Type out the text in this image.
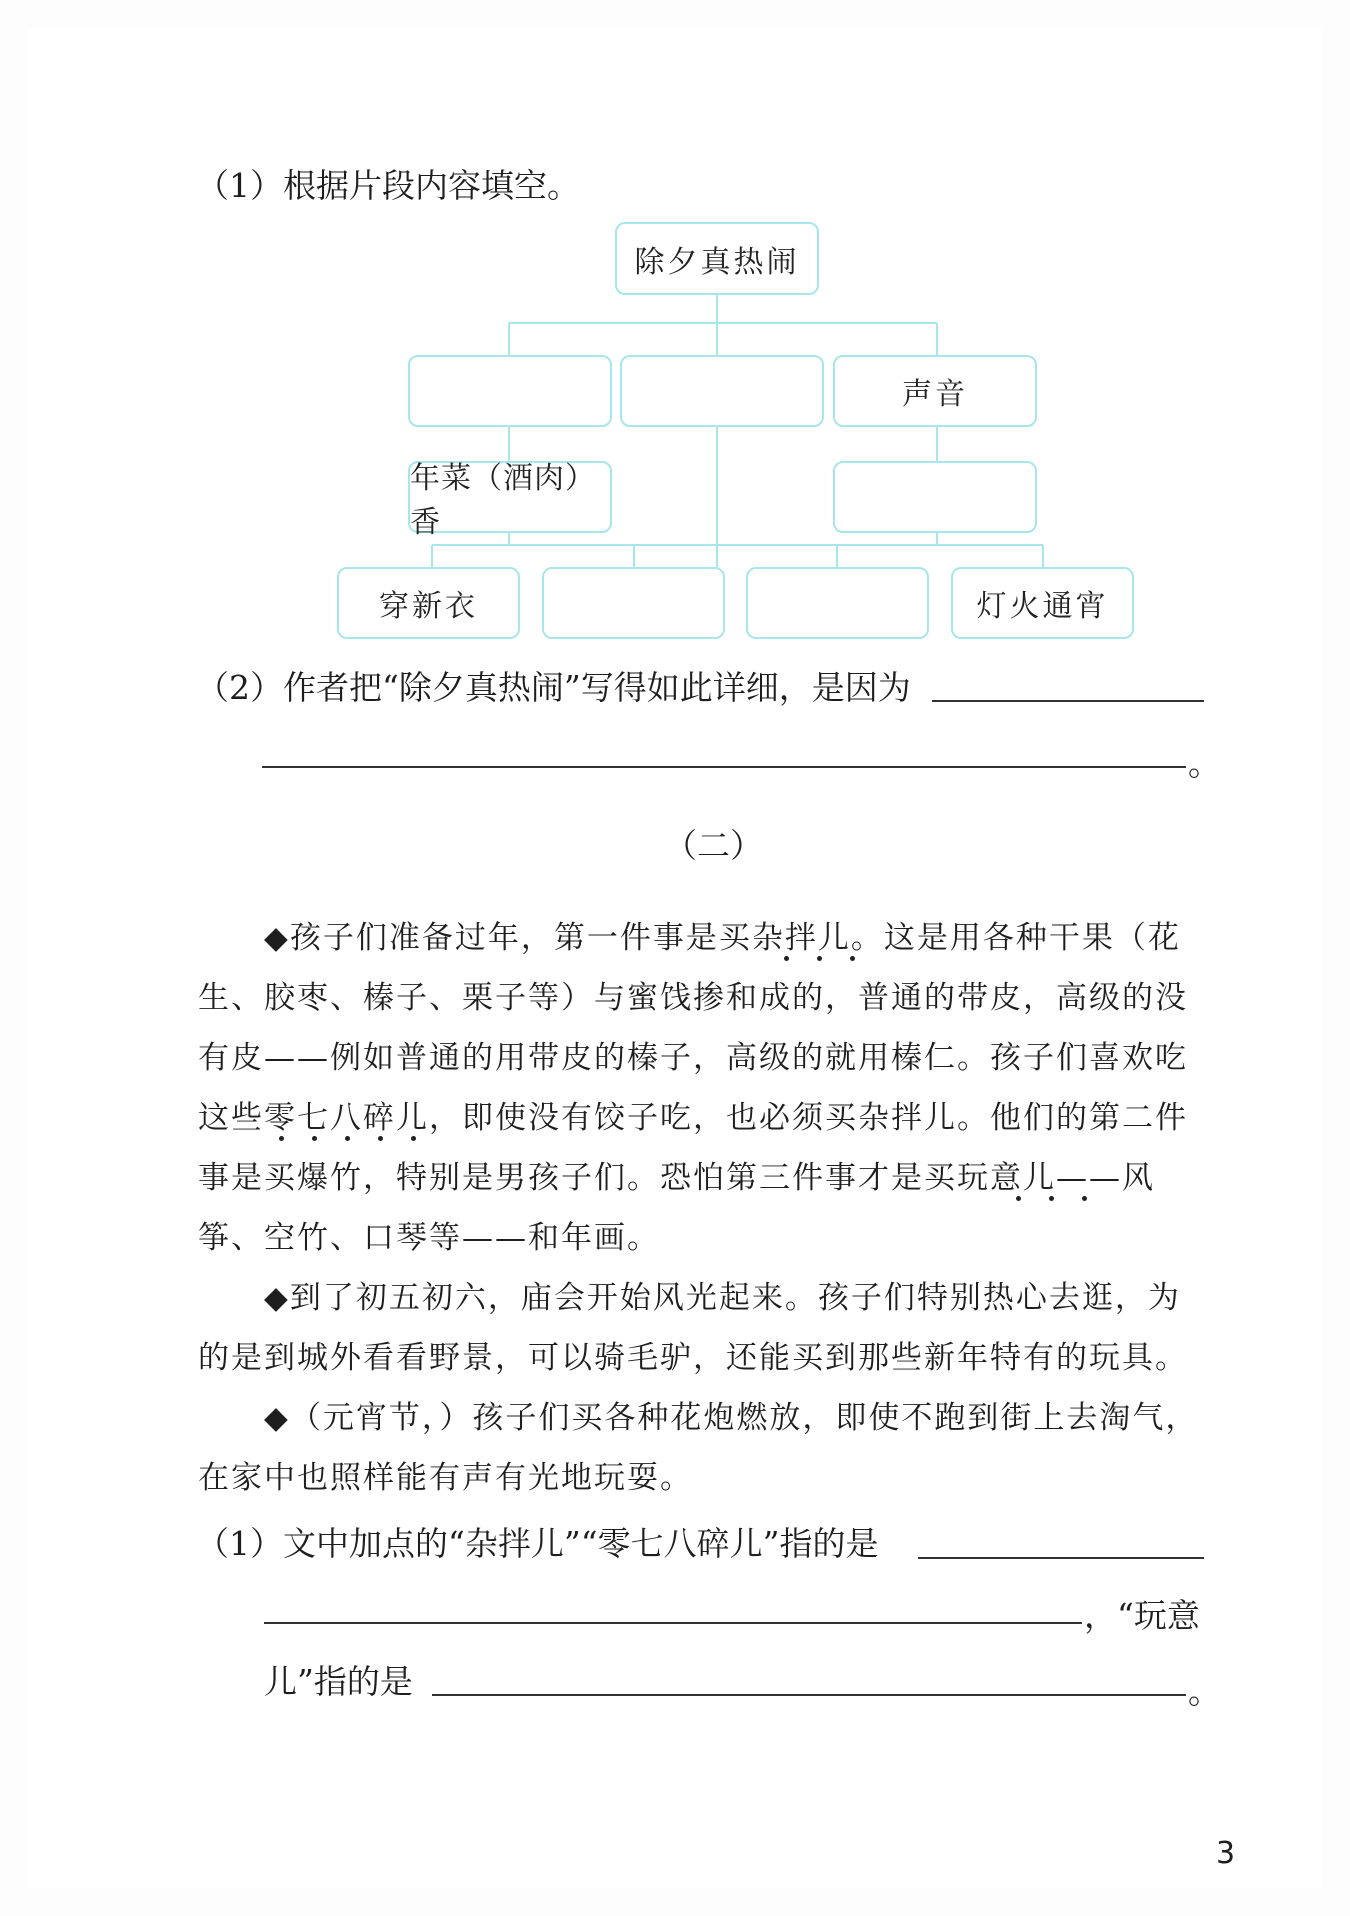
（1）根据片段内容填空。
除夕真热闹
声音
年菜（酒肉）香
穿新衣	灯火通宵
（2）作者把“除夕真热闹”写得如此详细，是因为
。
（二）
◆孩子们准备过年，第一件事是买杂拌儿。这是用各种干果（花
生、胶枣、榛子、栗子等）与蜜饯掺和成的，普通的带皮，高级的没
有皮——例如普通的用带皮的榛子，高级的就用榛仁。孩子们喜欢吃
这些零七八碎儿，即使没有饺子吃，也必须买杂拌儿。他们的第二件
事是买爆竹，特别是男孩子们。恐怕第三件事才是买玩意儿——风
筝、空竹、口琴等——和年画。
◆到了初五初六，庙会开始风光起来。孩子们特别热心去逛，为
的是到城外看看野景，可以骑毛驴，还能买到那些新年特有的玩具。
◆（元宵节，）孩子们买各种花炮燃放，即使不跑到街上去淘气，
在家中也照样能有声有光地玩耍。
（1）文中加点的“杂拌儿”“零七八碎儿”指的是
，“玩意
儿”指的是	。
3
